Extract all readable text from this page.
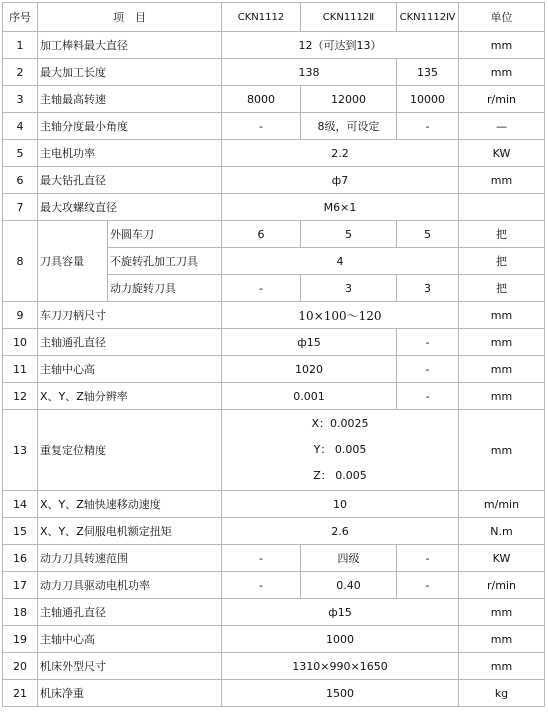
序号	项　目		CKN1112	CKN1112Ⅱ	CKN1112Ⅳ	单位
1	加工棒料最大直径		12（可达到13）			mm
2	最大加工长度		138		135	mm
3	主轴最高转速		8000	12000	10000	r/min
4	主轴分度最小角度		-	8级，可设定	-	—
5	主电机功率		2.2			KW
6	最大钻孔直径		ф7			mm
7	最大攻螺纹直径		M6×1			
8	刀具容量	外圆车刀	6	5	5	把
		不旋转孔加工刀具	4			把
		动力旋转刀具	-	3	3	把
9	车刀刀柄尺寸		10×100～120			mm
10	主轴通孔直径		ф15		-	mm
11	主轴中心高		1020		-	mm
12	X、Y、Z轴分辨率		0.001		-	mm
13	重复定位精度		X：0.0025
Y： 0.005
Z： 0.005			mm
14	X、Y、Z轴快速移动速度		10			m/min
15	X、Y、Z伺服电机额定扭矩		2.6			N.m
16	动力刀具转速范围		-	四级	-	KW
17	动力刀具驱动电机功率		-	0.40	-	r/min
18	主轴通孔直径		ф15			mm
19	主轴中心高		1000			mm
20	机床外型尺寸		1310×990×1650			mm
21	机床净重		1500			kg
